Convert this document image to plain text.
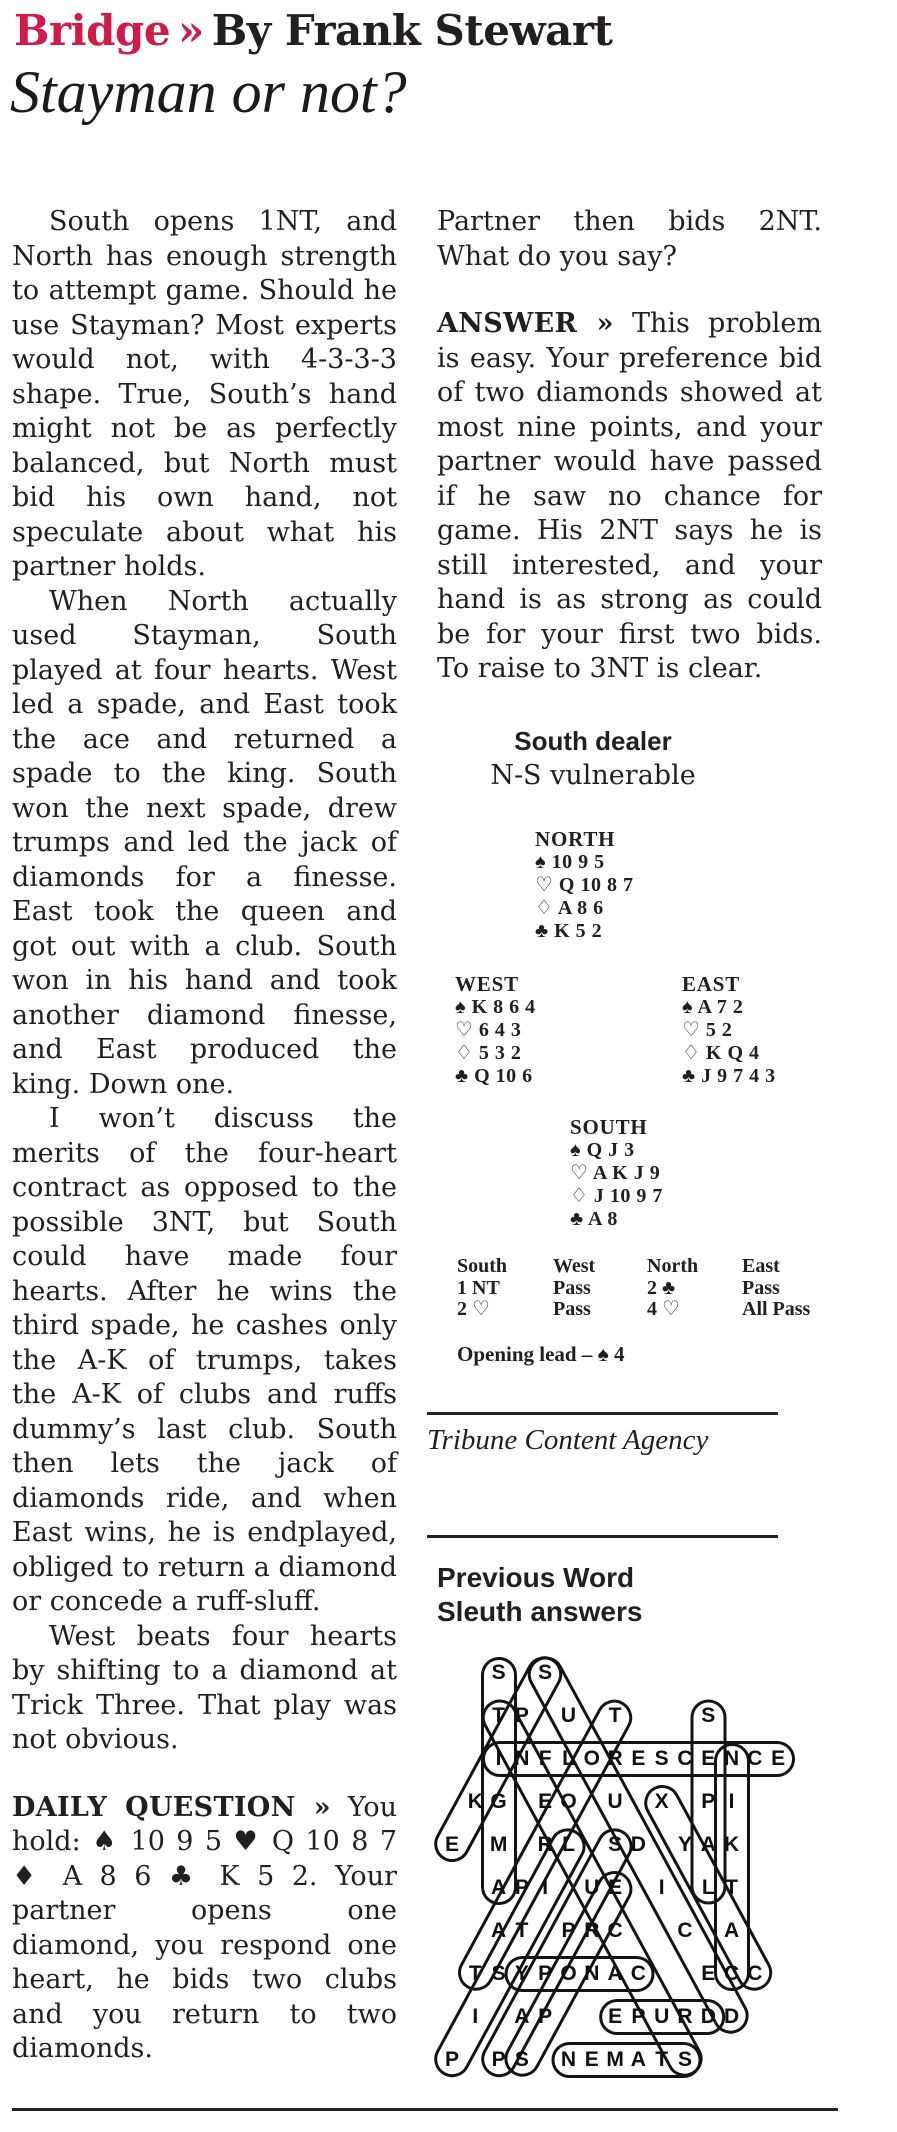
Bridge » By Frank Stewart
Stayman or not?

South opens 1NT, and North has enough strength to attempt game. Should he use Stayman? Most experts would not, with 4-3-3-3 shape. True, South’s hand might not be as perfectly balanced, but North must bid his own hand, not speculate about what his partner holds.

When North actually used Stayman, South played at four hearts. West led a spade, and East took the ace and returned a spade to the king. South won the next spade, drew trumps and led the jack of diamonds for a finesse. East took the queen and got out with a club. South won in his hand and took another diamond finesse, and East produced the king. Down one.

I won’t discuss the merits of the four-heart contract as opposed to the possible 3NT, but South could have made four hearts. After he wins the third spade, he cashes only the A-K of trumps, takes the A-K of clubs and ruffs dummy’s last club. South then lets the jack of diamonds ride, and when East wins, he is endplayed, obliged to return a diamond or concede a ruff-sluff.

West beats four hearts by shifting to a diamond at Trick Three. That play was not obvious.

DAILY QUESTION » You hold: ♠ 10 9 5 ♥ Q 10 8 7 ♦ A 8 6 ♣ K 5 2. Your partner opens one diamond, you respond one heart, he bids two clubs and you return to two diamonds.

Partner then bids 2NT. What do you say?

ANSWER » This problem is easy. Your preference bid of two diamonds showed at most nine points, and your partner would have passed if he saw no chance for game. His 2NT says he is still interested, and your hand is as strong as could be for your first two bids. To raise to 3NT is clear.

South dealer
N-S vulnerable
NORTH
♠ 10 9 5
♡ Q 10 8 7
♢ A 8 6
♣ K 5 2
WEST
♠ K 8 6 4
♡ 6 4 3
♢ 5 3 2
♣ Q 10 6
EAST
♠ A 7 2
♡ 5 2
♢ K Q 4
♣ J 9 7 4 3
SOUTH
♠ Q J 3
♡ A K J 9
♢ J 10 9 7
♣ A 8
South	West	North	East
1 NT	Pass	2 ♣	Pass
2 ♡	Pass	4 ♡	All Pass
Opening lead – ♠ 4
Tribune Content Agency
Previous Word
Sleuth answers
S	S
T P	U	T	S
I N F L O R E S C E N C E
K G	E O	U	X	P I
E	M	R L	S D	Y A K
A P I	U E	I	L T
A T	P R C	C	A
T S Y P O N A C	E C C
I	A P	E P U R D D
P	P S	N E M A T S
